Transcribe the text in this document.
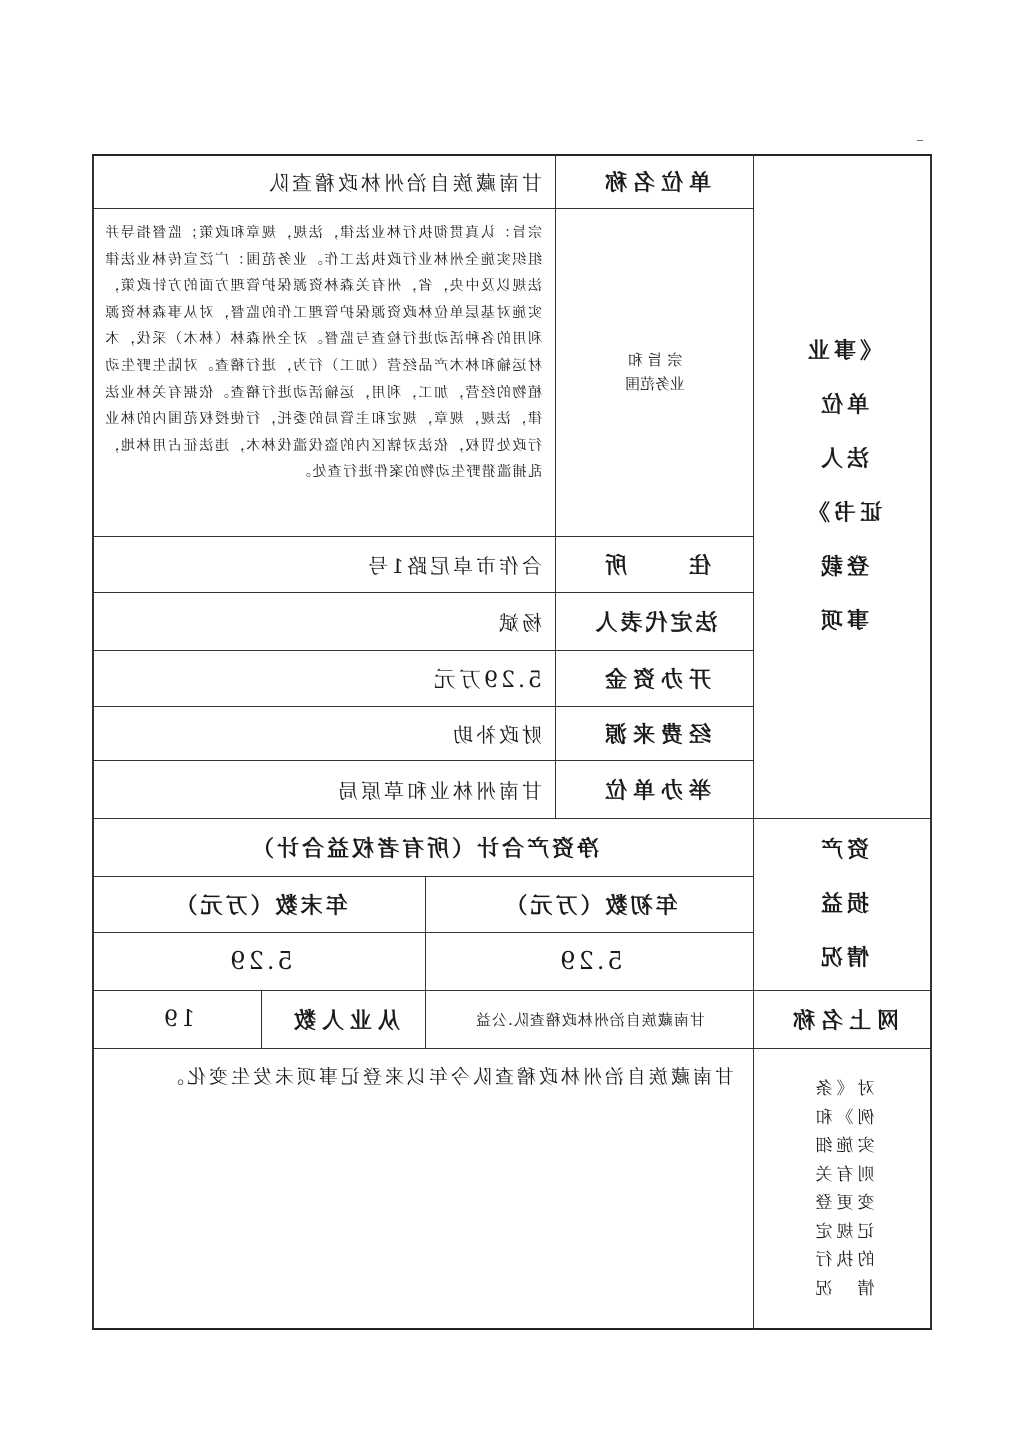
《事业
单位
法人
证书》
登载
事项
单位名称
甘南藏族自治州林政稽查队
宗 旨 和
业务范围
宗旨：认真贯彻执行林业法律，法规，规章和政策；监督指导并组织实施全州林业行政执法工作。业务范围：广泛宣传林业法律法规以及中央，省，州有关森林资源保护管理方面的方针政策，实施对基层单位林政资源保护管理工作的监督，对从事森林资源利用的各种活动进行检查与监督。对全州森林（林木）采伐，木材运输和林木产品经营（加工）行为，进行稽查。对陆生野生动植物的经营，加工，利用，运输活动进行稽查。依据有关林业法律，法规，规章，规定和主管局的委托，行使授权范围内的林业行政处罚权，依法对辖区内的盗伐滥伐林木，违法征占用林地，乱捕滥猎野生动物的案件进行查处。
住　　所
合作市卓尼路1号
法定代表人
杨斌
开办资金
5.29万元
经费来源
财政补助
举办单位
甘南州林业和草原局
资产
损益
情况
净资产合计（所有者权益合计）
年初数（万元）
年末数（万元）
5.29
5.29
网上名称
甘南藏族自治州林政稽查队.公益
从业人数
19
对《条
例》和
实施细
则有关
变更登
记规定
的执行
情　况
甘南藏族自治州林政稽查队今年以来登记事项未发生变化。
